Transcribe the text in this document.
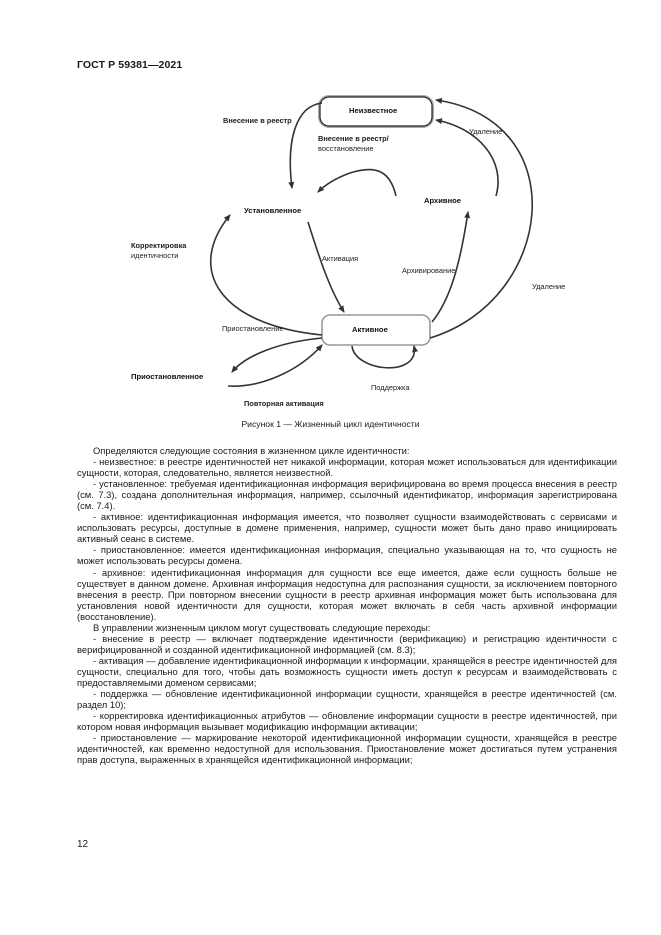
ГОСТ Р 59381—2021
Неизвестное
Установленное
Архивное
Активное
Приостановленное
Внесение в реестр
Внесение в реестр/
восстановление
Удаление
Удаление
Корректировка
идентичности	Активация
Архивирование
Приостановление
Поддержка
Повторная активация
Рисунок 1 — Жизненный цикл идентичности

Определяются следующие состояния в жизненном цикле идентичности:

- неизвестное: в реестре идентичностей нет никакой информации, которая может использоваться для идентификации сущности, которая, следовательно, является неизвестной.

- установленное: требуемая идентификационная информация верифицирована во время процесса внесения в реестр (см. 7.3), создана дополнительная информация, например, ссылочный идентификатор, информация зарегистрирована (см. 7.4).

- активное: идентификационная информация имеется, что позволяет сущности взаимодействовать с сервисами и использовать ресурсы, доступные в домене применения, например, сущности может быть дано право инициировать активный сеанс в системе.

- приостановленное: имеется идентификационная информация, специально указывающая на то, что сущность не может использовать ресурсы домена.

- архивное: идентификационная информация для сущности все еще имеется, даже если сущность больше не существует в данном домене. Архивная информация недоступна для распознания сущности, за исключением повторного внесения в реестр. При повторном внесении сущности в реестр архивная информация может быть использована для установления новой идентичности для сущности, которая может включать в себя часть архивной информации (восстановление).

В управлении жизненным циклом могут существовать следующие переходы:

- внесение в реестр — включает подтверждение идентичности (верификацию) и регистрацию идентичности с верифицированной и созданной идентификационной информацией (см. 8.3);

- активация — добавление идентификационной информации к информации, хранящейся в реестре идентичностей для сущности, специально для того, чтобы дать возможность сущности иметь доступ к ресурсам и взаимодействовать с предоставляемыми доменом сервисами;

- поддержка — обновление идентификационной информации сущности, хранящейся в реестре идентичностей (см. раздел 10);

- корректировка идентификационных атрибутов — обновление информации сущности в реестре идентичностей, при котором новая информация вызывает модификацию информации активации;

- приостановление — маркирование некоторой идентификационной информации сущности, хранящейся в реестре идентичностей, как временно недоступной для использования. Приостановление может достигаться путем устранения прав доступа, выраженных в хранящейся идентификационной информации;

12
